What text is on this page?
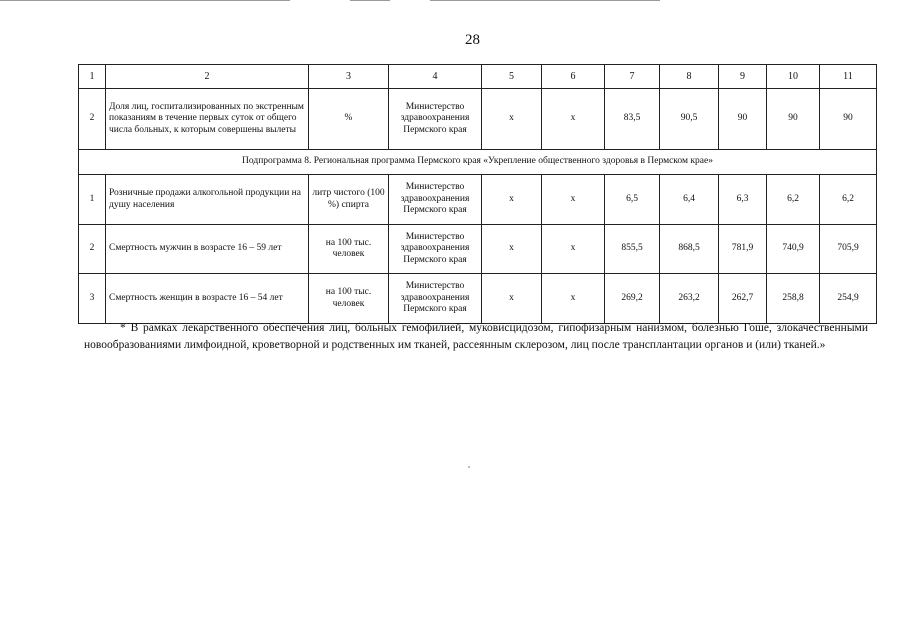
28
1	2	3	4	5	6	7	8	9	10	11
2	Доля лиц, госпитализированных по экстренным показаниям в течение первых суток от общего числа больных, к которым совершены вылеты	%	Министерство здравоохранения Пермского края	х	х	83,5	90,5	90	90	90
Подпрограмма 8. Региональная программа Пермского края «Укрепление общественного здоровья в Пермском крае»										
1	Розничные продажи алкогольной продукции на душу населения	литр чистого (100 %) спирта	Министерство здравоохранения Пермского края	х	х	6,5	6,4	6,3	6,2	6,2
2	Смертность мужчин в возрасте 16 – 59 лет	на 100 тыс. человек	Министерство здравоохранения Пермского края	х	х	855,5	868,5	781,9	740,9	705,9
3	Смертность женщин в возрасте 16 – 54 лет	на 100 тыс. человек	Министерство здравоохранения Пермского края	х	х	269,2	263,2	262,7	258,8	254,9

* В рамках лекарственного обеспечения лиц, больных гемофилией, муковисцидозом, гипофизарным нанизмом, болезнью Гоше, злокачественными новообразованиями лимфоидной, кроветворной и родственных им тканей, рассеянным склерозом, лиц после трансплантации органов и (или) тканей.»
